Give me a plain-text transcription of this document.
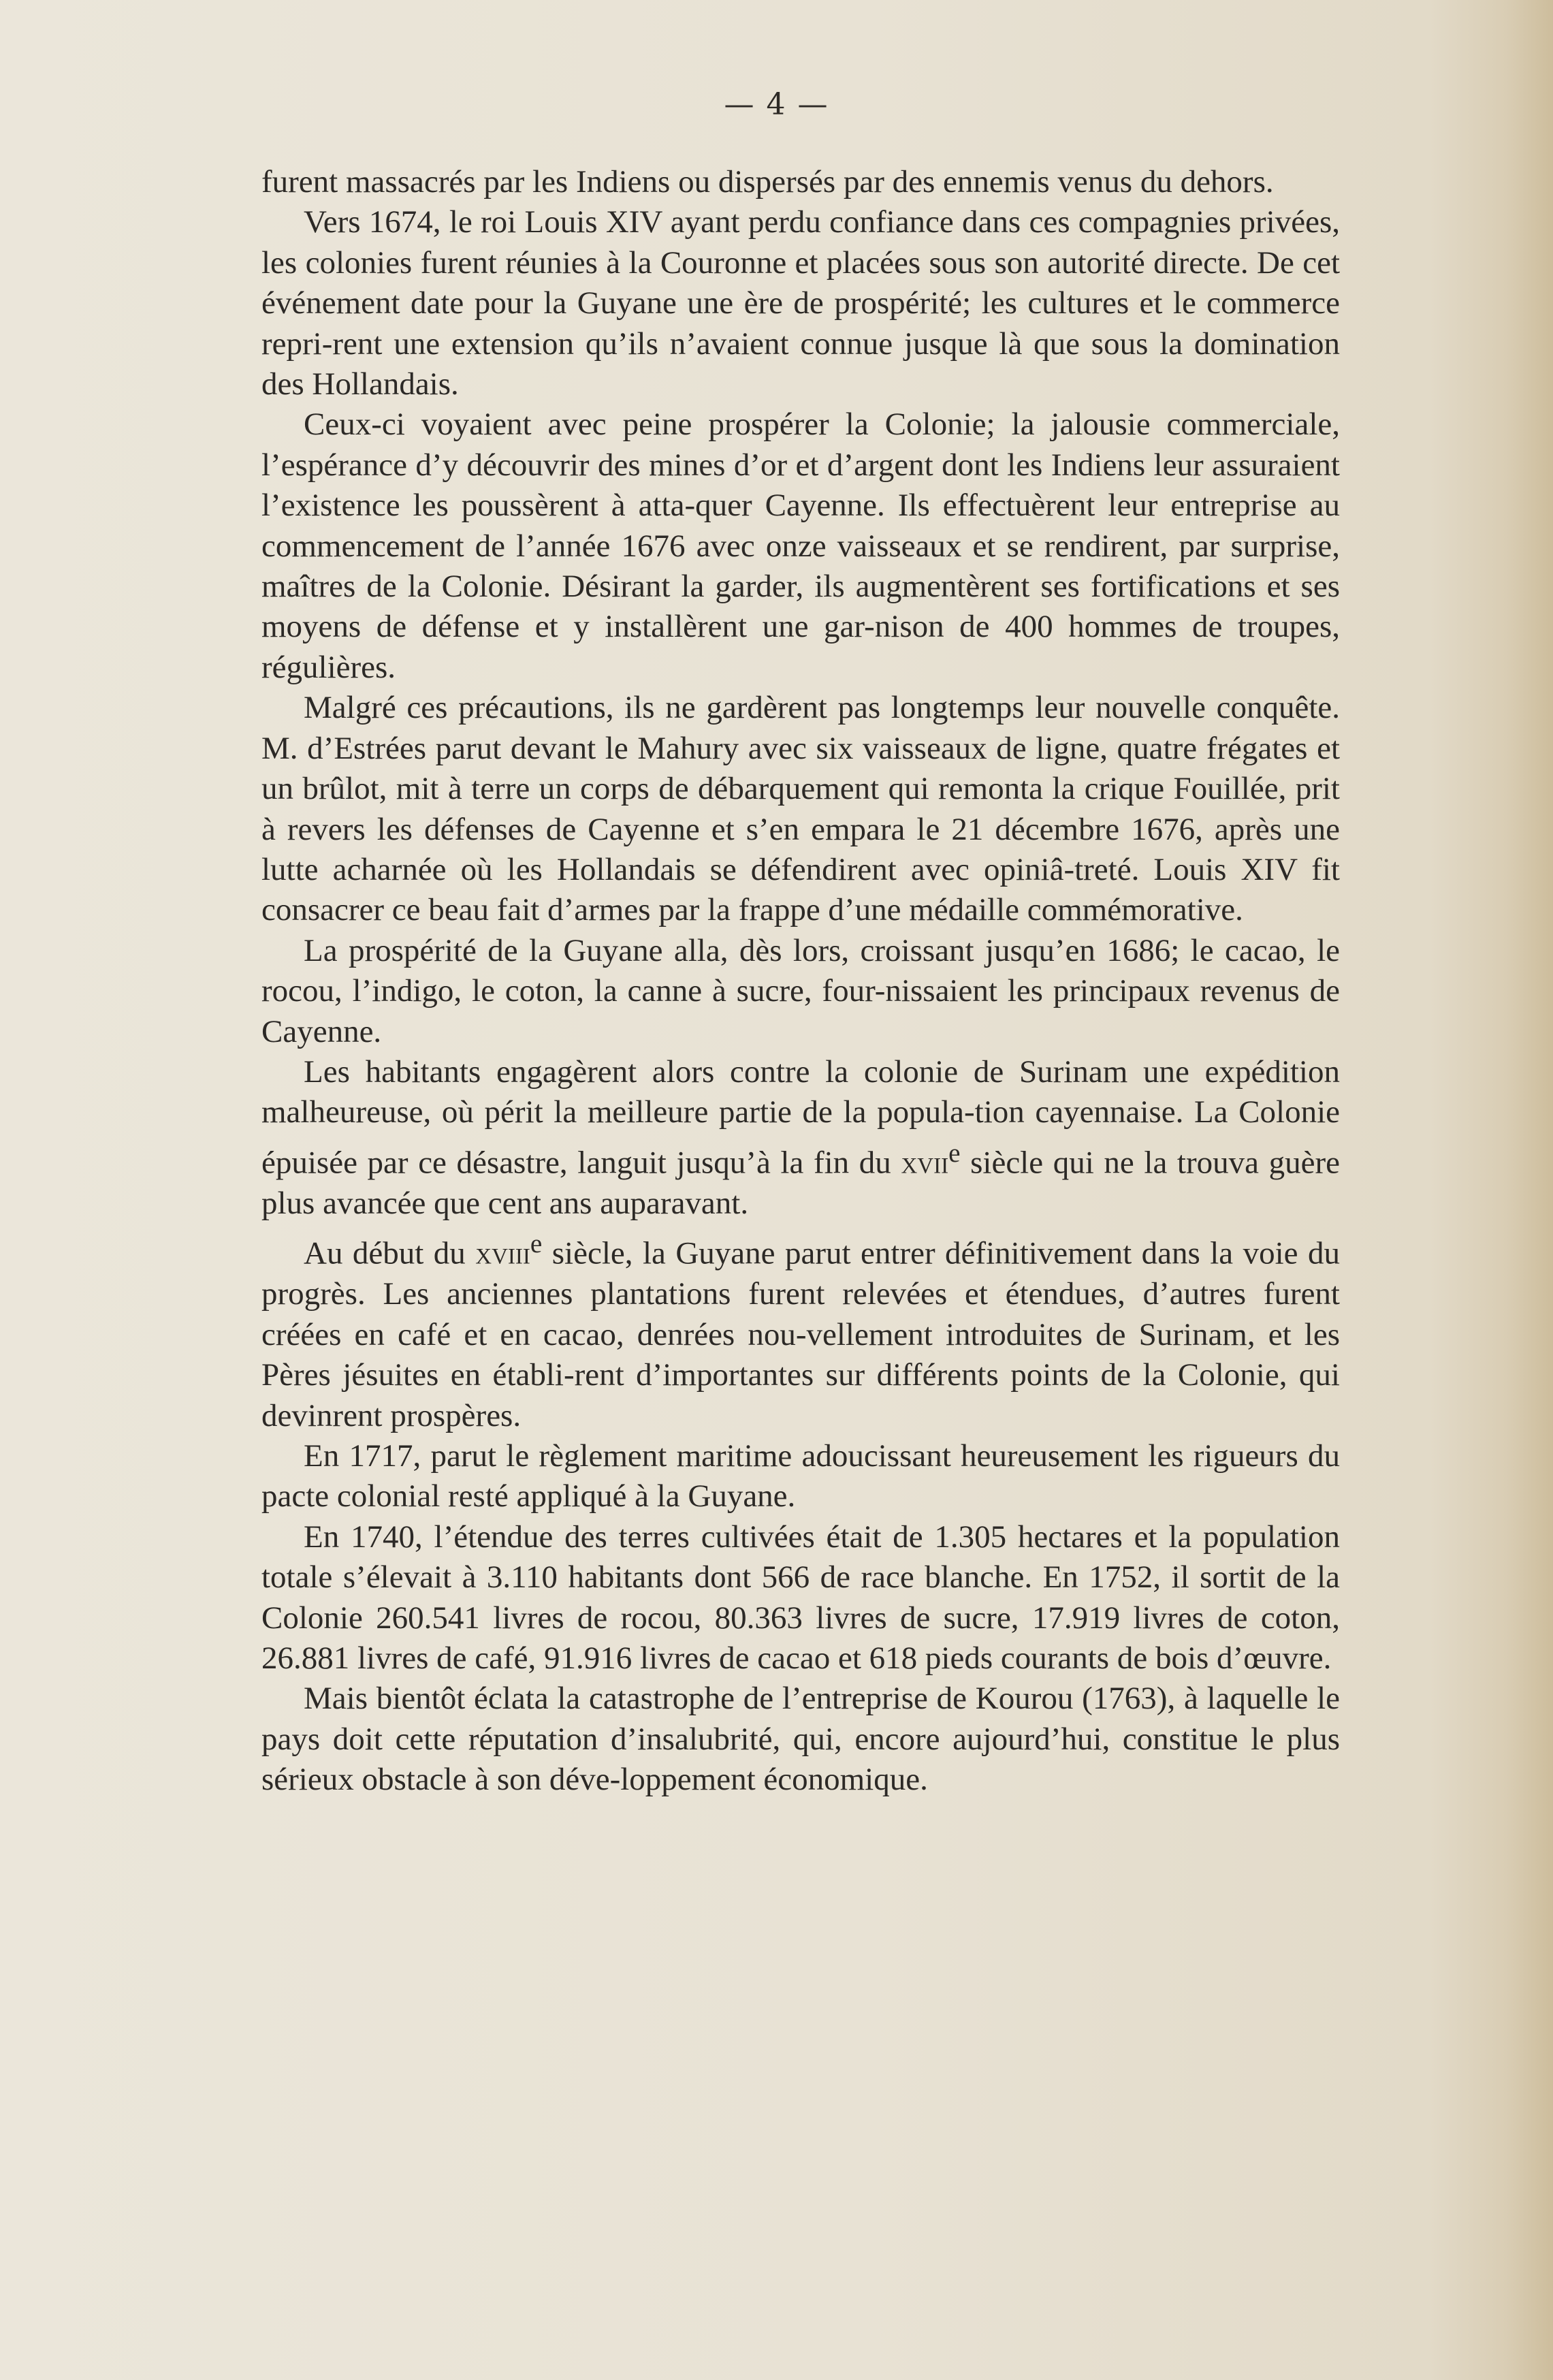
— 4 —

furent massacrés par les Indiens ou dispersés par des ennemis venus du dehors.

Vers 1674, le roi Louis XIV ayant perdu confiance dans ces compagnies privées, les colonies furent réunies à la Couronne et placées sous son autorité directe. De cet événement date pour la Guyane une ère de prospérité; les cultures et le commerce repri-rent une extension qu’ils n’avaient connue jusque là que sous la domination des Hollandais.

Ceux-ci voyaient avec peine prospérer la Colonie; la jalousie commerciale, l’espérance d’y découvrir des mines d’or et d’argent dont les Indiens leur assuraient l’existence les poussèrent à atta-quer Cayenne. Ils effectuèrent leur entreprise au commencement de l’année 1676 avec onze vaisseaux et se rendirent, par surprise, maîtres de la Colonie. Désirant la garder, ils augmentèrent ses fortifications et ses moyens de défense et y installèrent une gar-nison de 400 hommes de troupes, régulières.

Malgré ces précautions, ils ne gardèrent pas longtemps leur nouvelle conquête. M. d’Estrées parut devant le Mahury avec six vaisseaux de ligne, quatre frégates et un brûlot, mit à terre un corps de débarquement qui remonta la crique Fouillée, prit à revers les défenses de Cayenne et s’en empara le 21 décembre 1676, après une lutte acharnée où les Hollandais se défendirent avec opiniâ-treté. Louis XIV fit consacrer ce beau fait d’armes par la frappe d’une médaille commémorative.

La prospérité de la Guyane alla, dès lors, croissant jusqu’en 1686; le cacao, le rocou, l’indigo, le coton, la canne à sucre, four-nissaient les principaux revenus de Cayenne.

Les habitants engagèrent alors contre la colonie de Surinam une expédition malheureuse, où périt la meilleure partie de la popula-tion cayennaise. La Colonie épuisée par ce désastre, languit jusqu’à la fin du xvii$^e$ siècle qui ne la trouva guère plus avancée que cent ans auparavant.

Au début du xviii$^e$ siècle, la Guyane parut entrer définitivement dans la voie du progrès. Les anciennes plantations furent relevées et étendues, d’autres furent créées en café et en cacao, denrées nou-vellement introduites de Surinam, et les Pères jésuites en établi-rent d’importantes sur différents points de la Colonie, qui devinrent prospères.

En 1717, parut le règlement maritime adoucissant heureusement les rigueurs du pacte colonial resté appliqué à la Guyane.

En 1740, l’étendue des terres cultivées était de 1.305 hectares et la population totale s’élevait à 3.110 habitants dont 566 de race blanche. En 1752, il sortit de la Colonie 260.541 livres de rocou, 80.363 livres de sucre, 17.919 livres de coton, 26.881 livres de café, 91.916 livres de cacao et 618 pieds courants de bois d’œuvre.

Mais bientôt éclata la catastrophe de l’entreprise de Kourou (1763), à laquelle le pays doit cette réputation d’insalubrité, qui, encore aujourd’hui, constitue le plus sérieux obstacle à son déve-loppement économique.
